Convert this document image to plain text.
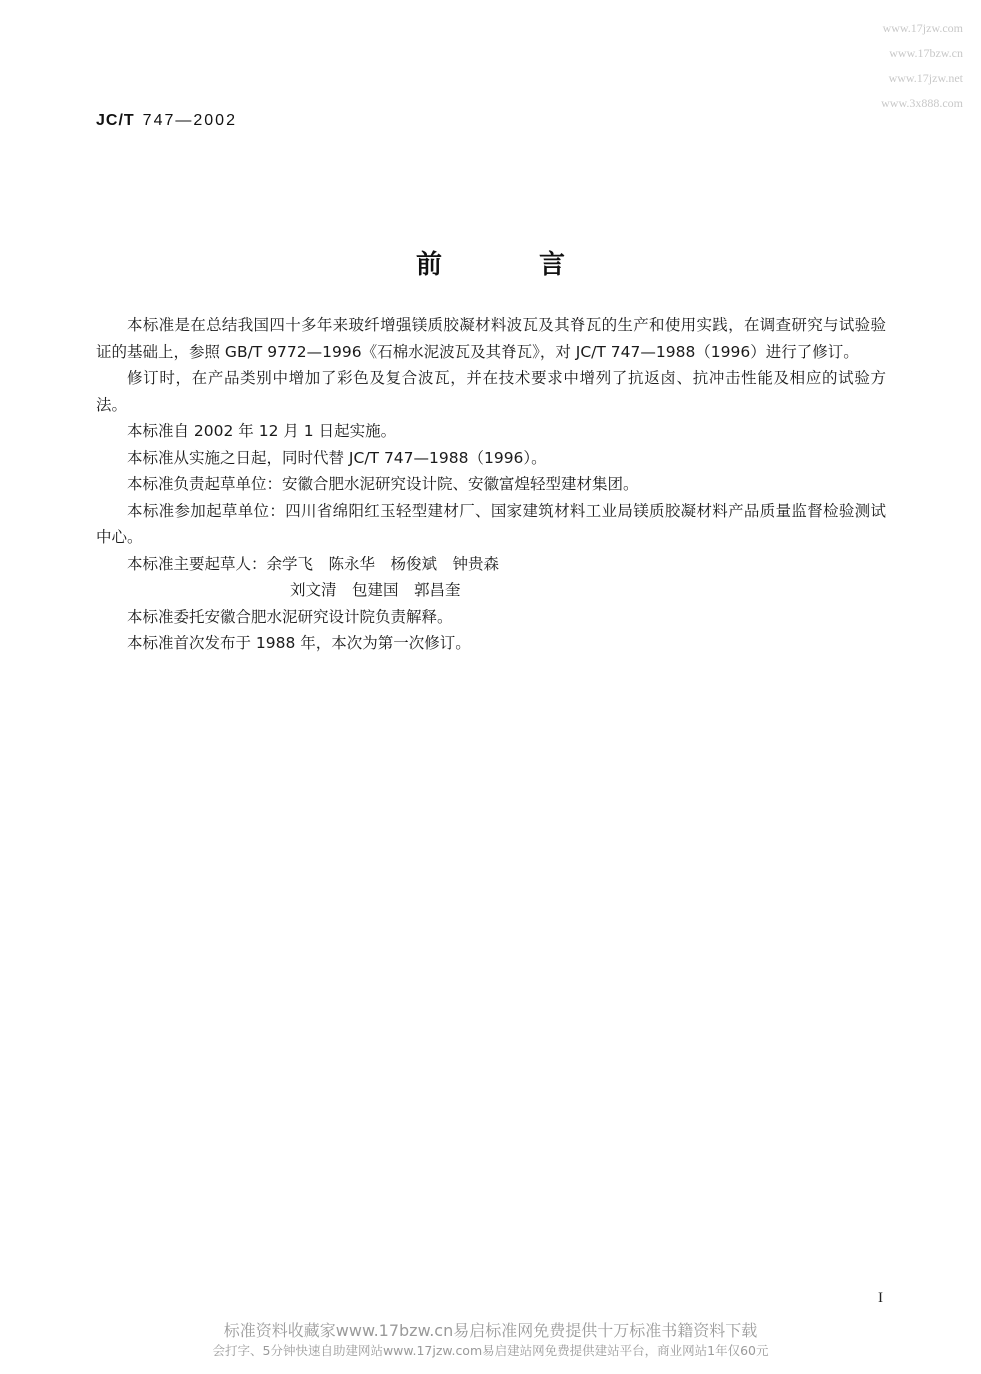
www.17jzw.com
www.17bzw.cn
www.17jzw.net
www.3x888.com
JC/T 747—2002
前 言

本标准是在总结我国四十多年来玻纤增强镁质胶凝材料波瓦及其脊瓦的生产和使用实践，在调查研究与试验验证的基础上，参照 GB/T 9772—1996《石棉水泥波瓦及其脊瓦》，对 JC/T 747—1988（1996）进行了修订。

修订时，在产品类别中增加了彩色及复合波瓦，并在技术要求中增列了抗返卤、抗冲击性能及相应的试验方法。

本标准自 2002 年 12 月 1 日起实施。

本标准从实施之日起，同时代替 JC/T 747—1988（1996）。

本标准负责起草单位：安徽合肥水泥研究设计院、安徽富煌轻型建材集团。

本标准参加起草单位：四川省绵阳红玉轻型建材厂、国家建筑材料工业局镁质胶凝材料产品质量监督检验测试中心。

本标准主要起草人：余学飞　陈永华　杨俊斌　钟贵森

刘文清　包建国　郭昌奎

本标准委托安徽合肥水泥研究设计院负责解释。

本标准首次发布于 1988 年，本次为第一次修订。

I
标准资料收藏家www.17bzw.cn易启标准网免费提供十万标准书籍资料下载
会打字、5分钟快速自助建网站www.17jzw.com易启建站网免费提供建站平台，商业网站1年仅60元
